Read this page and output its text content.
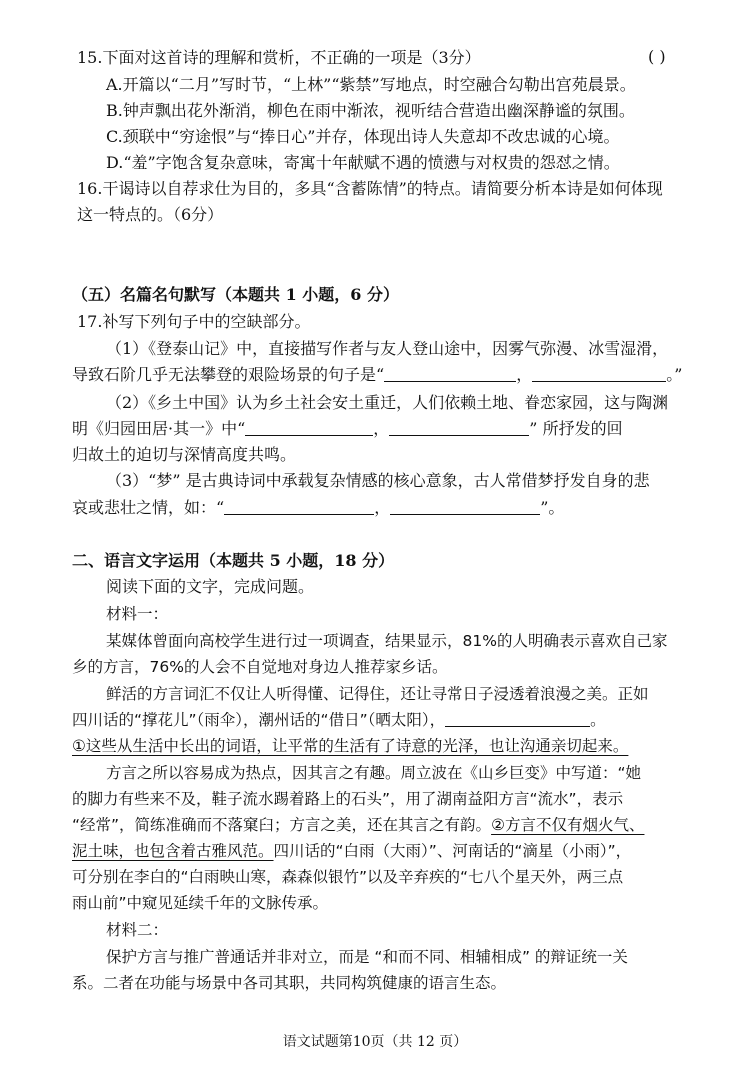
15.下面对这首诗的理解和赏析，不正确的一项是（3分）	( )
A.开篇以“二月”写时节，“上林”“紫禁”写地点，时空融合勾勒出宫苑晨景。
B.钟声飘出花外渐消，柳色在雨中渐浓，视听结合营造出幽深静谧的氛围。
C.颈联中“穷途恨”与“捧日心”并存，体现出诗人失意却不改忠诚的心境。
D.“羞”字饱含复杂意味，寄寓十年献赋不遇的愤懑与对权贵的怨怼之情。
16.干谒诗以自荐求仕为目的，多具“含蓄陈情”的特点。请简要分析本诗是如何体现
这一特点的。（6分）
（五）名篇名句默写（本题共 1 小题，6 分）
17.补写下列句子中的空缺部分。
（1）《登泰山记》中，直接描写作者与友人登山途中，因雾气弥漫、冰雪湿滑，
导致石阶几乎无法攀登的艰险场景的句子是“	，	。”
（2）《乡土中国》认为乡土社会安土重迁，人们依赖土地、眷恋家园，这与陶渊
明《归园田居·其一》中“	，	” 所抒发的回
归故土的迫切与深情高度共鸣。
（3）“梦” 是古典诗词中承载复杂情感的核心意象，古人常借梦抒发自身的悲
哀或悲壮之情，如：“	，	”。
二、语言文字运用（本题共 5 小题，18 分）
阅读下面的文字，完成问题。
材料一：
某媒体曾面向高校学生进行过一项调查，结果显示，81%的人明确表示喜欢自己家
乡的方言，76%的人会不自觉地对身边人推荐家乡话。
鲜活的方言词汇不仅让人听得懂、记得住，还让寻常日子浸透着浪漫之美。正如
四川话的“撑花儿”（雨伞），潮州话的“借日”（晒太阳），	。
①这些从生活中长出的词语，让平常的生活有了诗意的光泽，也让沟通亲切起来。
方言之所以容易成为热点，因其言之有趣。周立波在《山乡巨变》中写道：“她
的脚力有些来不及，鞋子流水踢着路上的石头”，用了湖南益阳方言“流水”，表示
“经常”，简练准确而不落窠臼；方言之美，还在其言之有韵。②方言不仅有烟火气、
泥土味，也包含着古雅风范。四川话的“白雨（大雨）”、河南话的“滴星（小雨）”，
可分别在李白的“白雨映山寒，森森似银竹”以及辛弃疾的“七八个星天外，两三点
雨山前”中窥见延续千年的文脉传承。
材料二：
保护方言与推广普通话并非对立，而是 “和而不同、相辅相成” 的辩证统一关
系。二者在功能与场景中各司其职，共同构筑健康的语言生态。
语文试题第10页（共 12 页）
